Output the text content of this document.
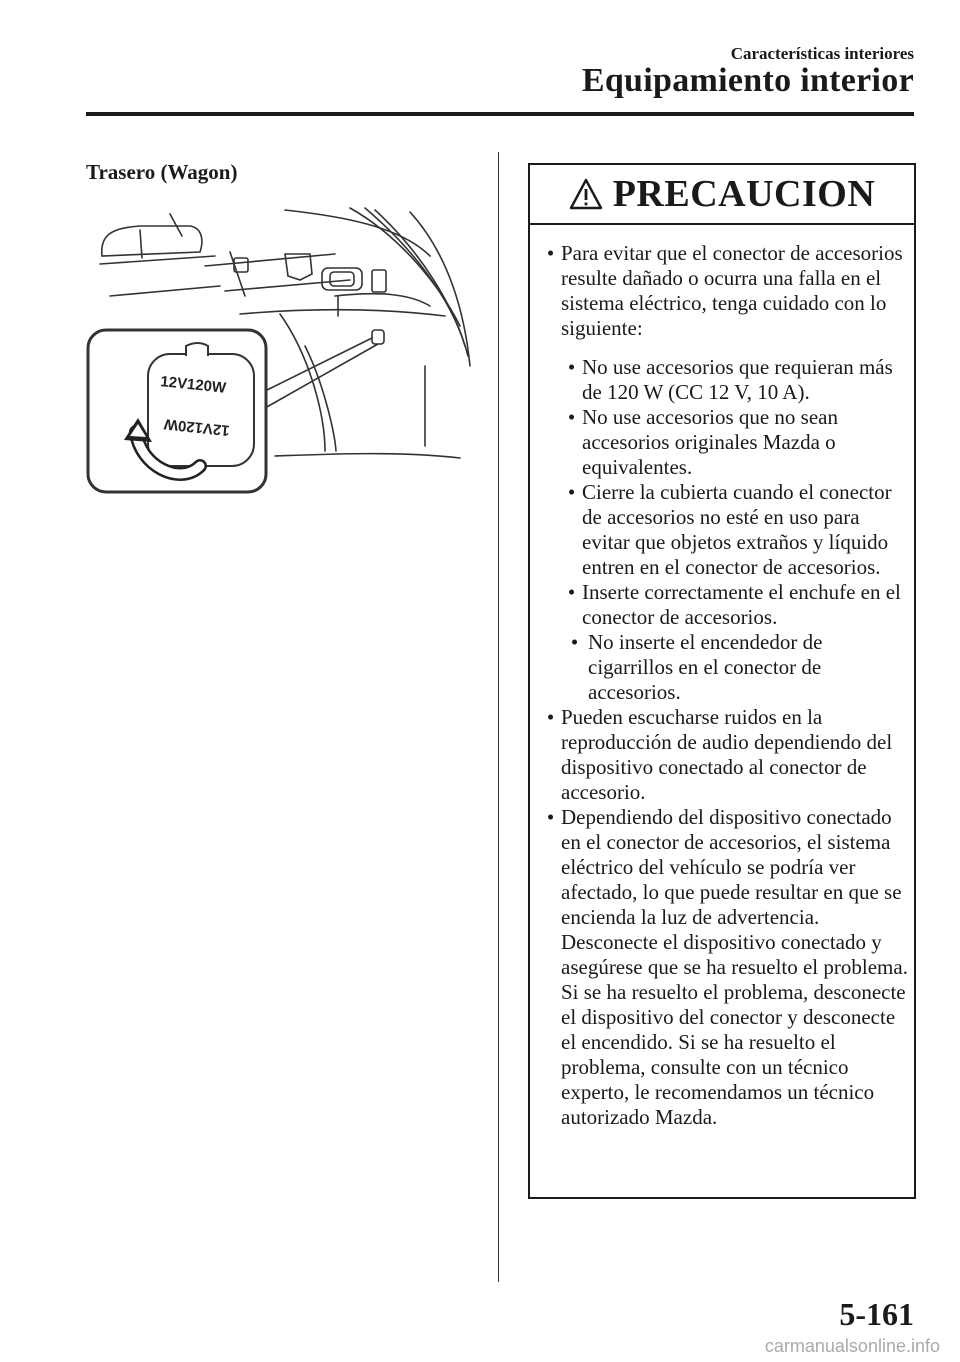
Características interiores
Equipamiento interior
Trasero (Wagon)
12V120W
12V120W
PRECAUCION
• Para evitar que el conector de accesorios resulte dañado o ocurra una falla en el sistema eléctrico, tenga cuidado con lo siguiente:
• No use accesorios que requieran más de 120 W (CC 12 V, 10 A).
• No use accesorios que no sean accesorios originales Mazda o equivalentes.
• Cierre la cubierta cuando el conector de accesorios no esté en uso para evitar que objetos extraños y líquido entren en el conector de accesorios.
• Inserte correctamente el enchufe en el conector de accesorios.
• No inserte el encendedor de cigarrillos en el conector de accesorios.
• Pueden escucharse ruidos en la reproducción de audio dependiendo del dispositivo conectado al conector de accesorio.
• Dependiendo del dispositivo conectado en el conector de accesorios, el sistema eléctrico del vehículo se podría ver afectado, lo que puede resultar en que se encienda la luz de advertencia. Desconecte el dispositivo conectado y asegúrese que se ha resuelto el problema. Si se ha resuelto el problema, desconecte el dispositivo del conector y desconecte el encendido. Si se ha resuelto el problema, consulte con un técnico experto, le recomendamos un técnico autorizado Mazda.
5-161
carmanualsonline.info
